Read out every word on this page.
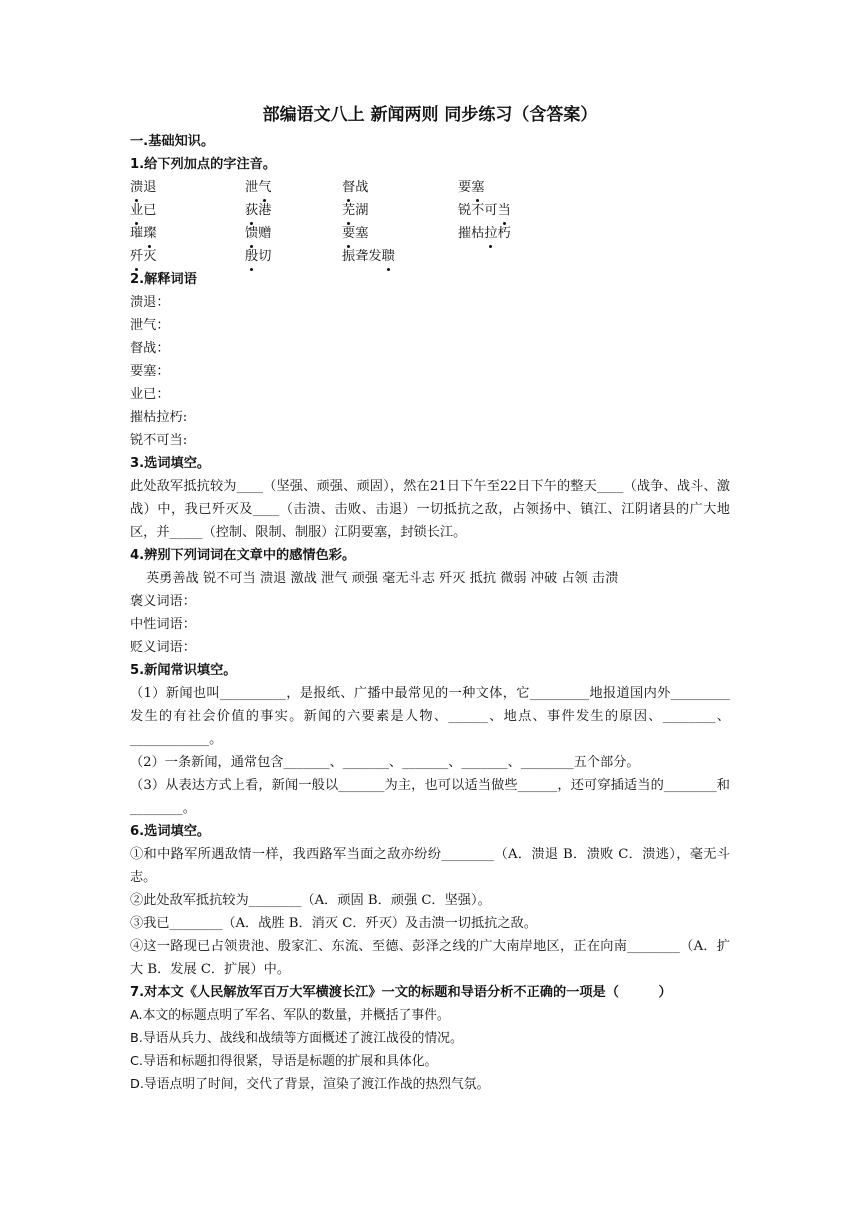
部编语文八上 新闻两则 同步练习（含答案）
一.基础知识。
1.给下列加点的字注音。
溃退	泄气	督战	要塞
业已	荻港	芜湖	锐不可当
璀璨	馈赠	要塞	摧枯拉朽
歼灭	殷切	振聋发聩
2.解释词语
溃退：
泄气：
督战：
要塞：
业已：
摧枯拉朽:
锐不可当:
3.选词填空。
此处敌军抵抗较为____（坚强、顽强、顽固），然在21日下午至22日下午的整天____（战争、战斗、激战）中，我已歼灭及____（击溃、击败、击退）一切抵抗之敌，占领扬中、镇江、江阴诸县的广大地区，并_____（控制、限制、制服）江阴要塞，封锁长江。
4.辨别下列词词在文章中的感情色彩。
英勇善战 锐不可当 溃退 激战 泄气 顽强 毫无斗志 歼灭 抵抗 微弱 冲破 占领 击溃
褒义词语：
中性词语：
贬义词语：
5.新闻常识填空。
（1）新闻也叫__________，是报纸、广播中最常见的一种文体，它_________地报道国内外_________发生的有社会价值的事实。新闻的六要素是人物、______、地点、事件发生的原因、________、____________。
（2）一条新闻，通常包含_______、_______、_______、_______、________五个部分。
（3）从表达方式上看，新闻一般以_______为主，也可以适当做些______，还可穿插适当的________和________。
6.选词填空。
①和中路军所遇敌情一样，我西路军当面之敌亦纷纷________（A．溃退 B．溃败 C．溃逃），毫无斗志。
②此处敌军抵抗较为________（A．顽固 B．顽强 C．坚强）。
③我已________（A．战胜 B．消灭 C．歼灭）及击溃一切抵抗之敌。
④这一路现已占领贵池、殷家汇、东流、至德、彭泽之线的广大南岸地区，正在向南________（A．扩大 B．发展 C．扩展）中。
7.对本文《人民解放军百万大军横渡长江》一文的标题和导语分析不正确的一项是（　　　）
A.本文的标题点明了军名、军队的数量，并概括了事件。
B.导语从兵力、战线和战绩等方面概述了渡江战役的情况。
C.导语和标题扣得很紧，导语是标题的扩展和具体化。
D.导语点明了时间，交代了背景，渲染了渡江作战的热烈气氛。
